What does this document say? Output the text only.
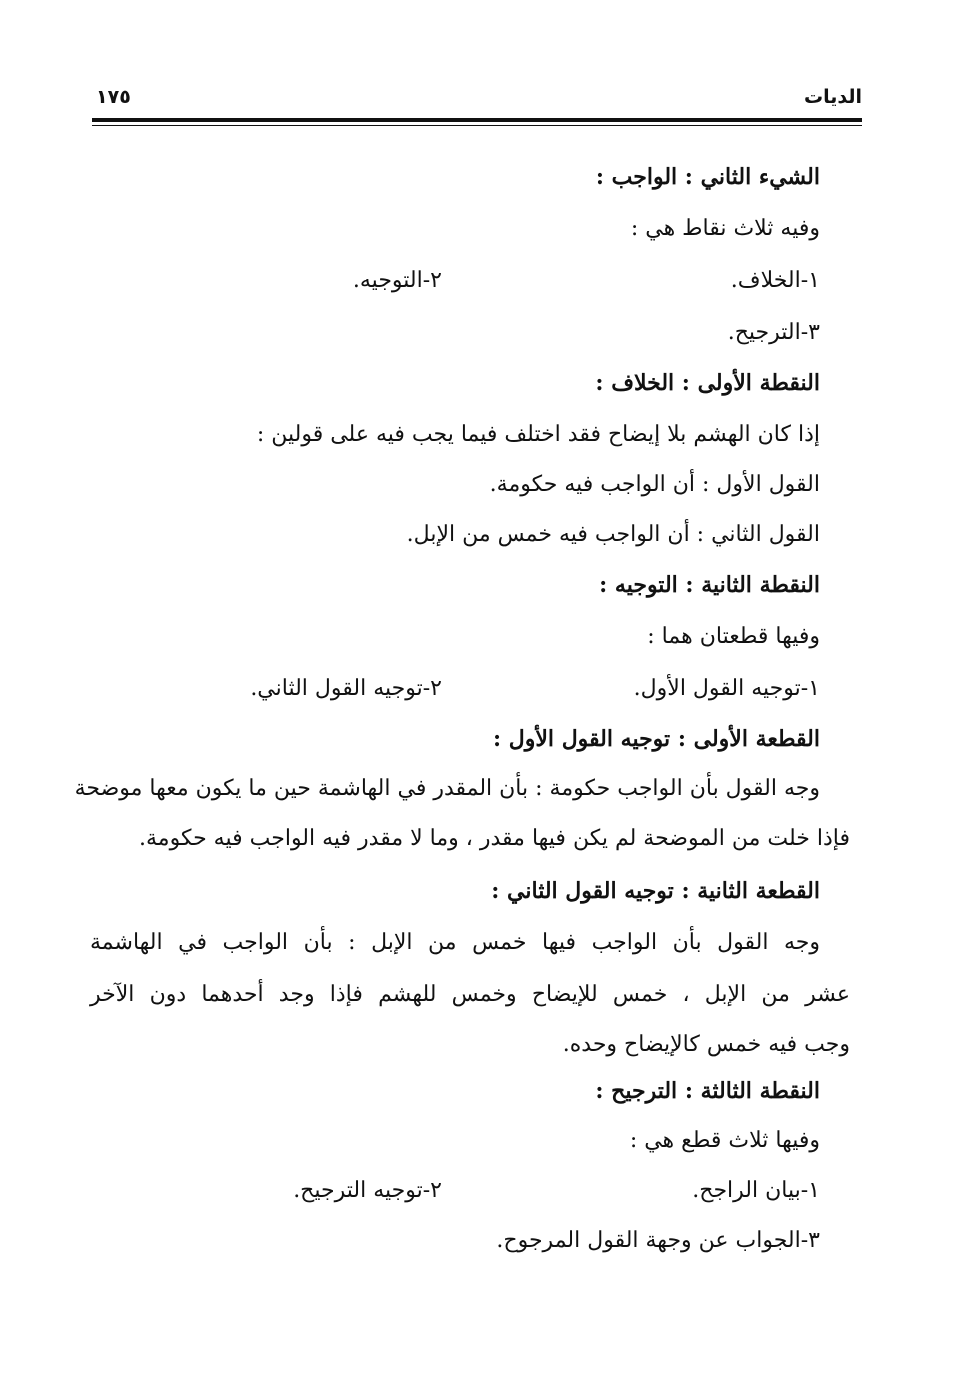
الديات
١٧٥
الشيء الثاني : الواجب :
وفيه ثلاث نقاط هي :
١-الخلاف.
٢-التوجيه.
٣-الترجيح.
النقطة الأولى : الخلاف :
إذا كان الهشم بلا إيضاح فقد اختلف فيما يجب فيه على قولين :
القول الأول : أن الواجب فيه حكومة.
القول الثاني : أن الواجب فيه خمس من الإبل.
النقطة الثانية : التوجيه :
وفيها قطعتان هما :
١-توجيه القول الأول.
٢-توجيه القول الثاني.
القطعة الأولى : توجيه القول الأول :
وجه القول بأن الواجب حكومة : بأن المقدر في الهاشمة حين ما يكون معها موضحة
فإذا خلت من الموضحة لم يكن فيها مقدر ، وما لا مقدر فيه الواجب فيه حكومة.
القطعة الثانية : توجيه القول الثاني :
وجه القول بأن الواجب فيها خمس من الإبل : بأن الواجب في الهاشمة
عشر من الإبل ، خمس للإيضاح وخمس للهشم فإذا وجد أحدهما دون الآخر
وجب فيه خمس كالإيضاح وحده.
النقطة الثالثة : الترجيح :
وفيها ثلاث قطع هي :
١-بيان الراجح.
٢-توجيه الترجيح.
٣-الجواب عن وجهة القول المرجوح.
